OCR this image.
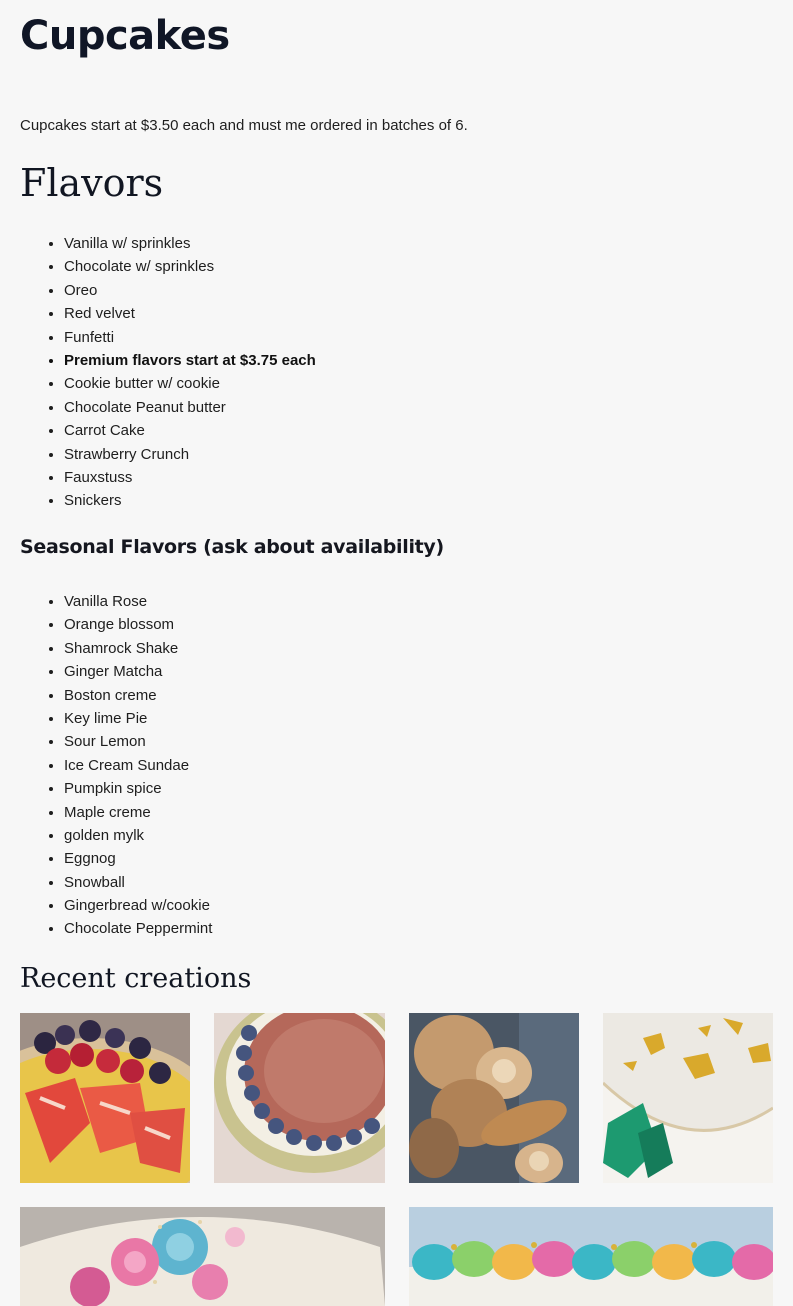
Cupcakes

Cupcakes start at $3.50 each and must me ordered in batches of 6.

Flavors
• Vanilla w/ sprinkles
• Chocolate w/ sprinkles
• Oreo
• Red velvet
• Funfetti
• Premium flavors start at $3.75 each
• Cookie butter w/ cookie
• Chocolate Peanut butter
• Carrot Cake
• Strawberry Crunch
• Fauxstuss
• Snickers
Seasonal Flavors (ask about availability)
• Vanilla Rose
• Orange blossom
• Shamrock Shake
• Ginger Matcha
• Boston creme
• Key lime Pie
• Sour Lemon
• Ice Cream Sundae
• Pumpkin spice
• Maple creme
• golden mylk
• Eggnog
• Snowball
• Gingerbread w/cookie
• Chocolate Peppermint
Recent creations
